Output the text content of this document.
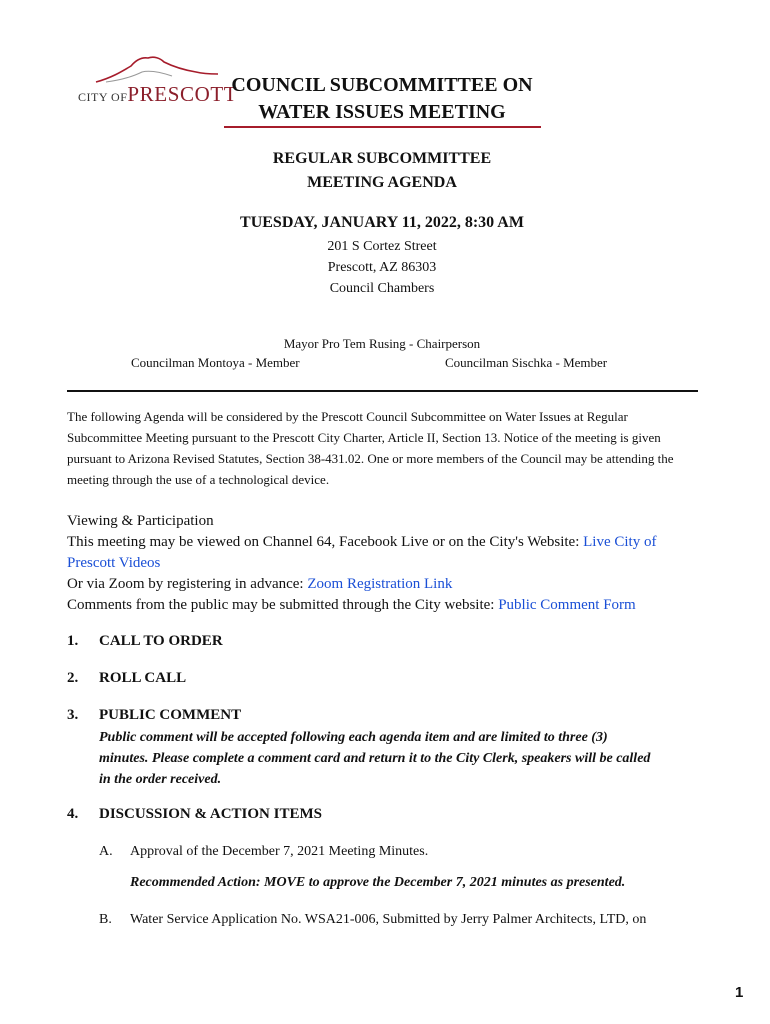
CITY OFPRESCOTT
COUNCIL SUBCOMMITTEE ON
WATER ISSUES MEETING
REGULAR SUBCOMMITTEE
MEETING AGENDA
TUESDAY, JANUARY 11, 2022, 8:30 AM
201 S Cortez Street
Prescott, AZ 86303
Council Chambers
Mayor Pro Tem Rusing - Chairperson
Councilman Montoya - Member	Councilman Sischka - Member
The following Agenda will be considered by the Prescott Council Subcommittee on Water Issues at Regular
Subcommittee Meeting pursuant to the Prescott City Charter, Article II, Section 13. Notice of the meeting is given
pursuant to Arizona Revised Statutes, Section 38-431.02. One or more members of the Council may be attending the
meeting through the use of a technological device.
Viewing & Participation
This meeting may be viewed on Channel 64, Facebook Live or on the City's Website: Live City of
Prescott Videos
Or via Zoom by registering in advance: Zoom Registration Link
Comments from the public may be submitted through the City website: Public Comment Form
1. CALL TO ORDER
2. ROLL CALL
3. PUBLIC COMMENT
Public comment will be accepted following each agenda item and are limited to three (3)
minutes. Please complete a comment card and return it to the City Clerk, speakers will be called
in the order received.
4. DISCUSSION & ACTION ITEMS
A. Approval of the December 7, 2021 Meeting Minutes.
Recommended Action: MOVE to approve the December 7, 2021 minutes as presented.
B. Water Service Application No. WSA21-006, Submitted by Jerry Palmer Architects, LTD, on
1
